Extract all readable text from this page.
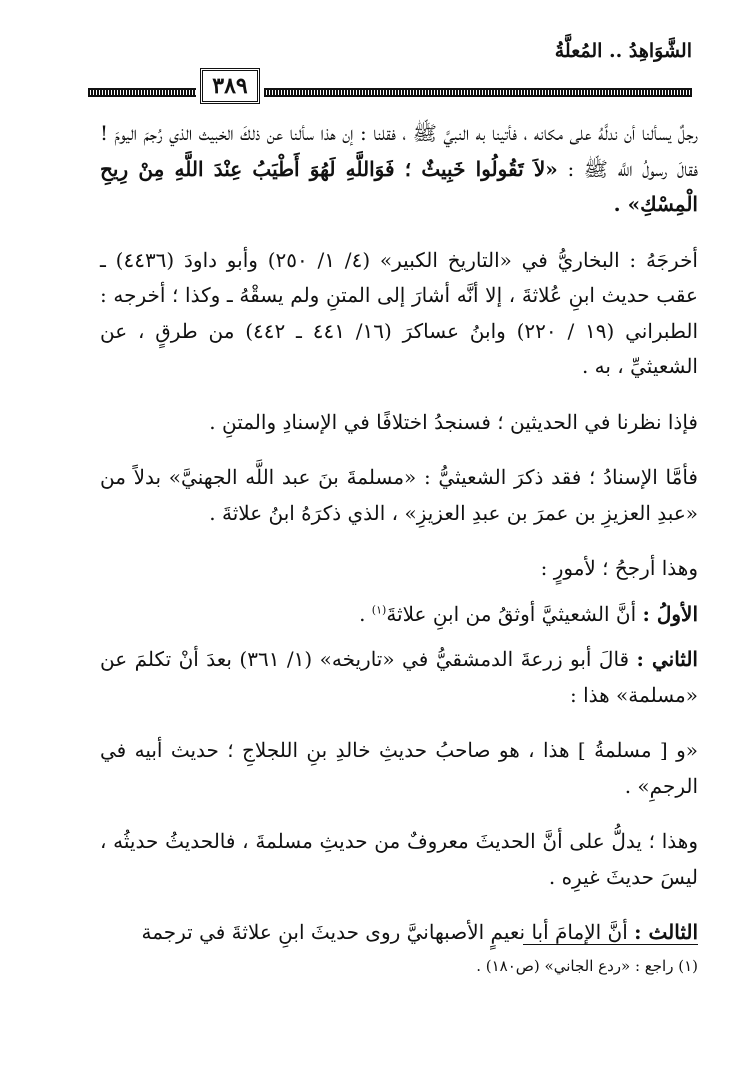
الشَّوَاهِدُ .. المُعلَّةُ
٣٨٩

رجلٌ يسألنا أن ندلَّهُ على مكانه ، فأتينا به النبيَّ ﷺ ، فقلنا : إن هذا سألنا عن ذلكَ الخبيث الذي رُجمَ اليومَ ! فقالَ رسولُ اللَّه ﷺ : «لاَ تَقُولُوا خَبِيثٌ ؛ فَوَاللَّهِ لَهُوَ أَطْيَبُ عِنْدَ اللَّهِ مِنْ رِيحِ الْمِسْكِ» .

أخرجَهُ : البخاريُّ في «التاريخ الكبير» (٤/ ١/ ٢٥٠) وأبو داودَ (٤٤٣٦) ـ عقب حديث ابنِ عُلاثةَ ، إلا أنَّه أشارَ إلى المتنِ ولم يسقْهُ ـ وكذا ؛ أخرجه : الطبراني (١٩ / ٢٢٠) وابنُ عساكرَ (١٦/ ٤٤١ ـ ٤٤٢) من طرقٍ ، عن الشعيثيِّ ، به .

فإذا نظرنا في الحديثين ؛ فسنجدُ اختلافًا في الإسنادِ والمتنِ .

فأمَّا الإسنادُ ؛ فقد ذكرَ الشعيثيُّ : «مسلمةَ بنَ عبد اللَّه الجهنيَّ» بدلاً من «عبدِ العزيزِ بن عمرَ بن عبدِ العزيزِ» ، الذي ذكرَهُ ابنُ علاثةَ .

وهذا أرجحُ ؛ لأمورٍ :

الأولُ : أنَّ الشعيثيَّ أوثقُ من ابنِ علاثةَ$^{(١)}$ .

الثاني : قالَ أبو زرعةَ الدمشقيُّ في «تاريخه» (١/ ٣٦١) بعدَ أنْ تكلمَ عن «مسلمة» هذا :

«و [ مسلمةُ ] هذا ، هو صاحبُ حديثِ خالدِ بنِ اللجلاجِ ؛ حديث أبيه في الرجمِ» .

وهذا ؛ يدلُّ على أنَّ الحديثَ معروفٌ من حديثِ مسلمةَ ، فالحديثُ حديثُه ، ليسَ حديثَ غيرِه .

الثالث : أنَّ الإمامَ أبا نعيمٍ الأصبهانيَّ روى حديثَ ابنِ علاثةَ في ترجمة

(١) راجع : «ردع الجاني» (ص١٨٠) .
